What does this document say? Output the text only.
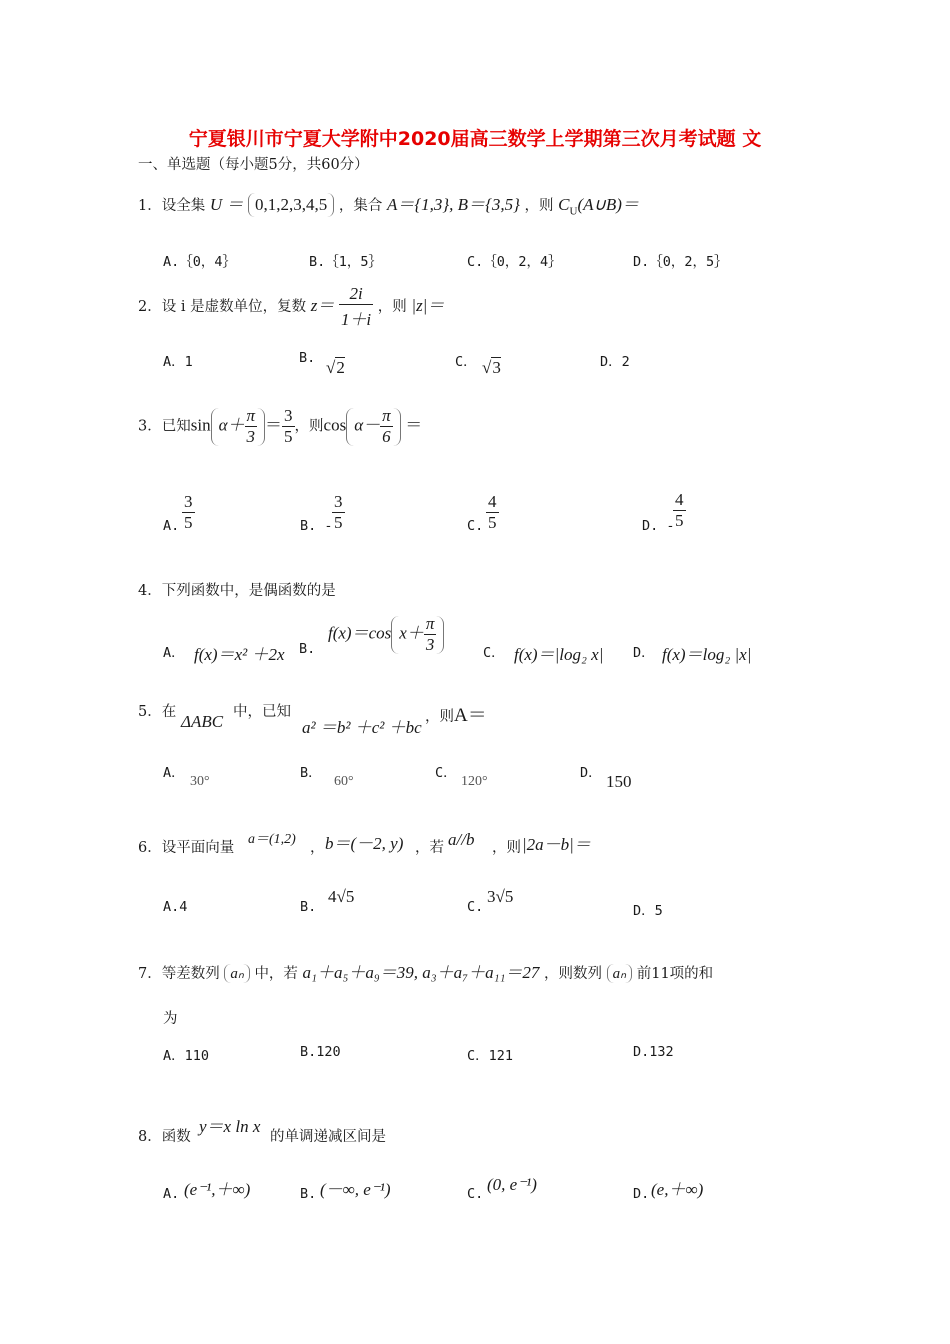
宁夏银川市宁夏大学附中2020届高三数学上学期第三次月考试题 文
一、单选题（每小题5分，共60分）
1．设全集 U ＝ 0,1,2,3,4,5 ，集合 A＝{1,3}, B＝{3,5} ，则 $C_U(A\cup B)=$
A.｛0，4｝	B.｛1，5｝	C.｛0，2，4｝	D.｛0，2，5｝
2．设 i 是虚数单位，复数 $z= \frac{2i}{1+i}$ ，则 |z|＝
A．1	B. √2	C． √3	D．2
3．已知$\sin \alpha+ \frac{\pi}{3} = \frac{3}{5}$ ，则$\cos \alpha- \frac{\pi}{6}$ ＝
A. $\frac{3}{5}$	B. - $\frac{3}{5}$	C. $\frac{4}{5}$	D. -
$\frac{4}{5}$
4．下列函数中，是偶函数的是
A． f(x)＝x² ＋2x B.
f(x)＝cos $x+ \frac{\pi}{3}$	C． f(x)＝|log₂ x| D． f(x)＝log₂ |x|
5．在 ΔABC 中，已知
a² ＝b² ＋c² ＋bc
，则A＝
A．
30°
B．
60°
C．
120°
D． 150
6．设平面向量
a＝(1,2)
， b＝(－2, y) ，若 a//b ，则 |2a－b|＝
A.4	B.
4√5
C.
3√5
D．5
7．等差数列 aₙ 中，若 a₁＋a₅＋a₉＝39, a₃＋a₇＋a₁₁＝27 ，则数列 aₙ 前11项的和
为
A．110	B.120	C．121	D.132
8．函数
y＝x ln x
的单调递减区间是
A. (e⁻¹,＋∞)	B. (－∞, e⁻¹)	C. (0, e⁻¹)	D. (e,＋∞)
